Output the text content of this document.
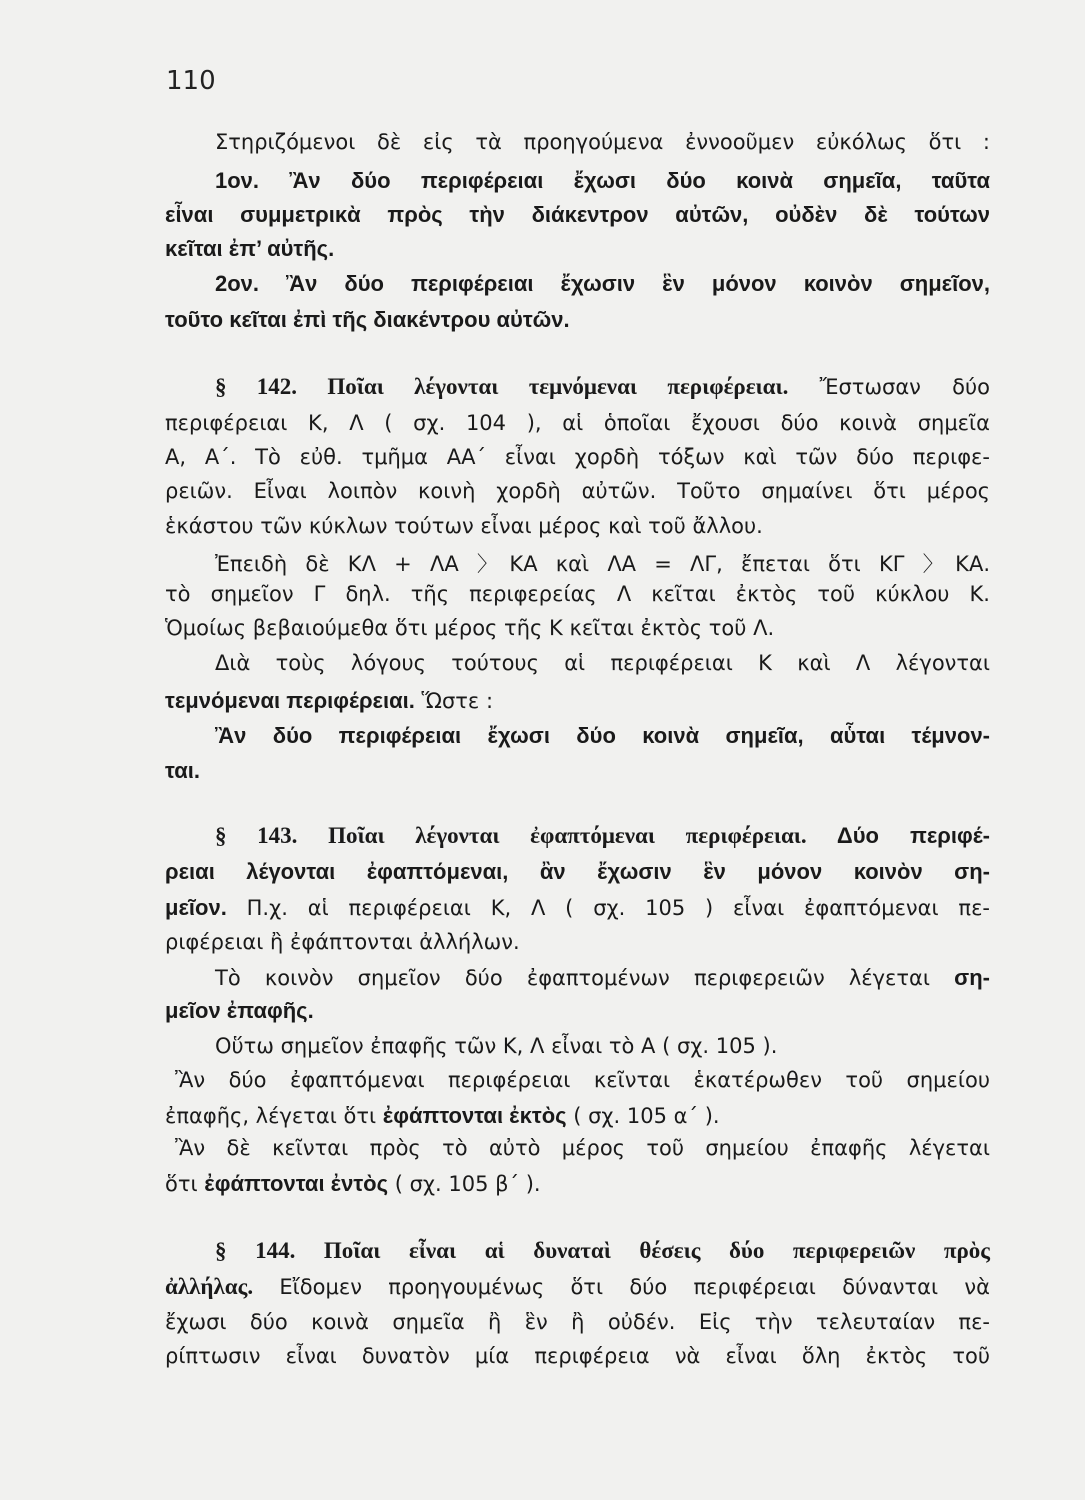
110
Στηριζόμενοι δὲ εἰς τὰ προηγούμενα ἐννοοῦμεν εὐκόλως ὅτι :
1ον. Ἂν δύο περιφέρειαι ἔχωσι δύο κοινὰ σημεῖα, ταῦτα
εἶναι συμμετρικὰ πρὸς τὴν διάκεντρον αὐτῶν, οὐδὲν δὲ τούτων
κεῖται ἐπ’ αὐτῆς.
2ον. Ἂν δύο περιφέρειαι ἔχωσιν ἓν μόνον κοινὸν σημεῖον,
τοῦτο κεῖται ἐπὶ τῆς διακέντρου αὐτῶν.
§ 142. Ποῖαι λέγονται τεμνόμεναι περιφέρειαι. Ἔστωσαν δύο
περιφέρειαι Κ, Λ ( σχ. 104 ), αἱ ὁποῖαι ἔχουσι δύο κοινὰ σημεῖα
Α, Α΄. Τὸ εὐθ. τμῆμα ΑΑ΄ εἶναι χορδὴ τόξων καὶ τῶν δύο περιφε-
ρειῶν. Εἶναι λοιπὸν κοινὴ χορδὴ αὐτῶν. Τοῦτο σημαίνει ὅτι μέρος
ἑκάστου τῶν κύκλων τούτων εἶναι μέρος καὶ τοῦ ἄλλου.
Ἐπειδὴ δὲ ΚΛ + ΛΑ 〉ΚΑ καὶ ΛΑ = ΛΓ, ἔπεται ὅτι ΚΓ 〉ΚΑ.
τὸ σημεῖον Γ δηλ. τῆς περιφερείας Λ κεῖται ἐκτὸς τοῦ κύκλου Κ.
Ὁμοίως βεβαιούμεθα ὅτι μέρος τῆς Κ κεῖται ἐκτὸς τοῦ Λ.
Διὰ τοὺς λόγους τούτους αἱ περιφέρειαι Κ καὶ Λ λέγονται
τεμνόμεναι περιφέρειαι. Ὥστε :
Ἂν δύο περιφέρειαι ἔχωσι δύο κοινὰ σημεῖα, αὗται τέμνον-
ται.
§ 143. Ποῖαι λέγονται ἐφαπτόμεναι περιφέρειαι. Δύο περιφέ-
ρειαι λέγονται ἐφαπτόμεναι, ἂν ἔχωσιν ἓν μόνον κοινὸν ση-
μεῖον. Π.χ. αἱ περιφέρειαι Κ, Λ ( σχ. 105 ) εἶναι ἐφαπτόμεναι πε-
ριφέρειαι ἢ ἐφάπτονται ἀλλήλων.
Τὸ κοινὸν σημεῖον δύο ἐφαπτομένων περιφερειῶν λέγεται ση-
μεῖον ἐπαφῆς.
Οὕτω σημεῖον ἐπαφῆς τῶν Κ, Λ εἶναι τὸ Α ( σχ. 105 ).
Ἂν δύο ἐφαπτόμεναι περιφέρειαι κεῖνται ἑκατέρωθεν τοῦ σημείου
ἐπαφῆς, λέγεται ὅτι ἐφάπτονται ἐκτὸς ( σχ. 105 α΄ ).
Ἂν δὲ κεῖνται πρὸς τὸ αὐτὸ μέρος τοῦ σημείου ἐπαφῆς λέγεται
ὅτι ἐφάπτονται ἐντὸς ( σχ. 105 β΄ ).
§ 144. Ποῖαι εἶναι αἱ δυναταὶ θέσεις δύο περιφερειῶν πρὸς
ἀλλήλας. Εἴδομεν προηγουμένως ὅτι δύο περιφέρειαι δύνανται νὰ
ἔχωσι δύο κοινὰ σημεῖα ἢ ἓν ἢ οὐδέν. Εἰς τὴν τελευταίαν πε-
ρίπτωσιν εἶναι δυνατὸν μία περιφέρεια νὰ εἶναι ὅλη ἐκτὸς τοῦ
